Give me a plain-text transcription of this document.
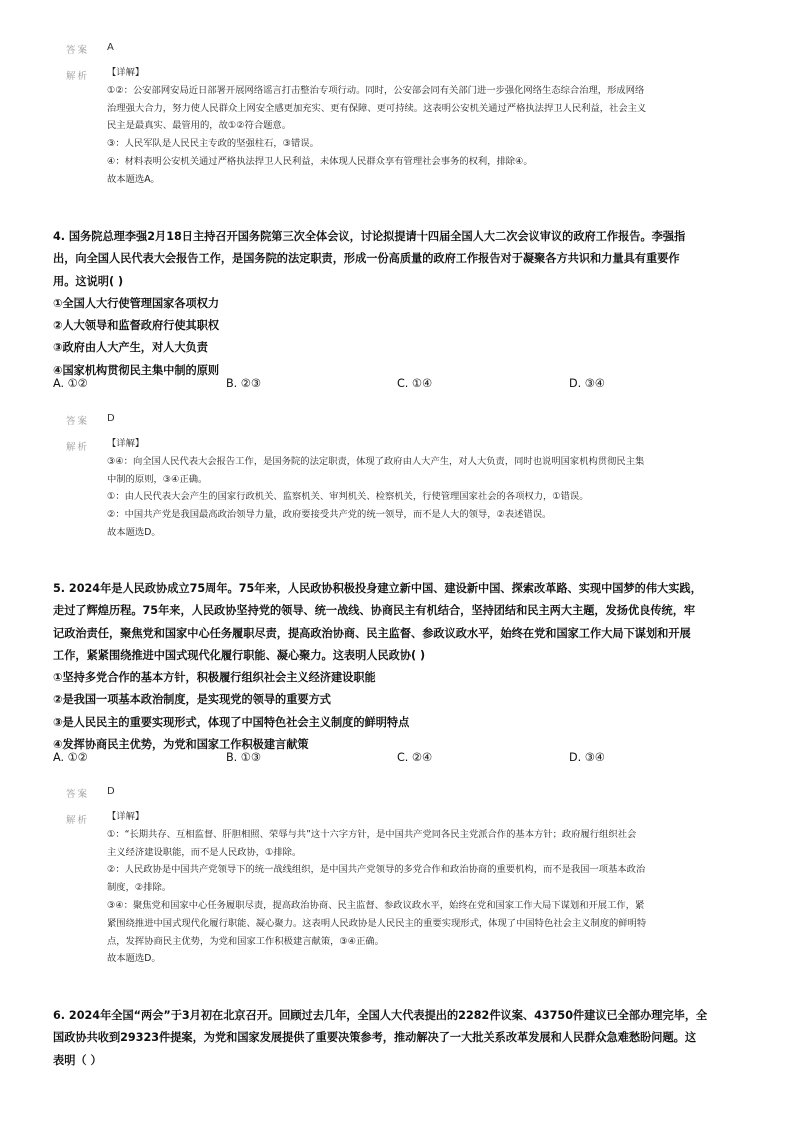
答案 A
解析 【详解】
①②：公安部网安局近日部署开展网络谣言打击整治专项行动。同时，公安部会同有关部门进一步强化网络生态综合治理，形成网络
治理强大合力，努力使人民群众上网安全感更加充实、更有保障、更可持续。这表明公安机关通过严格执法捍卫人民利益，社会主义
民主是最真实、最管用的，故①②符合题意。
③：人民军队是人民民主专政的坚强柱石，③错误。
④：材料表明公安机关通过严格执法捍卫人民利益，未体现人民群众享有管理社会事务的权利，排除④。
故本题选A。
4. 国务院总理李强2月18日主持召开国务院第三次全体会议，讨论拟提请十四届全国人大二次会议审议的政府工作报告。李强指
出，向全国人民代表大会报告工作，是国务院的法定职责，形成一份高质量的政府工作报告对于凝聚各方共识和力量具有重要作
用。这说明( )
①全国人大行使管理国家各项权力
②人大领导和监督政府行使其职权
③政府由人大产生，对人大负责
④国家机构贯彻民主集中制的原则
A. ①②	B. ②③	C. ①④	D. ③④
答案 D
解析 【详解】
③④：向全国人民代表大会报告工作，是国务院的法定职责，体现了政府由人大产生，对人大负责，同时也说明国家机构贯彻民主集
中制的原则，③④正确。
①：由人民代表大会产生的国家行政机关、监察机关、审判机关、检察机关，行使管理国家社会的各项权力，①错误。
②：中国共产党是我国最高政治领导力量，政府要接受共产党的统一领导，而不是人大的领导，②表述错误。
故本题选D。
5. 2024年是人民政协成立75周年。75年来，人民政协积极投身建立新中国、建设新中国、探索改革路、实现中国梦的伟大实践，
走过了辉煌历程。75年来，人民政协坚持党的领导、统一战线、协商民主有机结合，坚持团结和民主两大主题，发扬优良传统，牢
记政治责任，聚焦党和国家中心任务履职尽责，提高政治协商、民主监督、参政议政水平，始终在党和国家工作大局下谋划和开展
工作，紧紧围绕推进中国式现代化履行职能、凝心聚力。这表明人民政协( )
①坚持多党合作的基本方针，积极履行组织社会主义经济建设职能
②是我国一项基本政治制度，是实现党的领导的重要方式
③是人民民主的重要实现形式，体现了中国特色社会主义制度的鲜明特点
④发挥协商民主优势，为党和国家工作积极建言献策
A. ①②	B. ①③	C. ②④	D. ③④
答案 D
解析 【详解】
①：“长期共存、互相监督、肝胆相照、荣辱与共”这十六字方针，是中国共产党同各民主党派合作的基本方针；政府履行组织社会
主义经济建设职能，而不是人民政协，①排除。
②：人民政协是中国共产党领导下的统一战线组织，是中国共产党领导的多党合作和政治协商的重要机构，而不是我国一项基本政治
制度，②排除。
③④：聚焦党和国家中心任务履职尽责，提高政治协商、民主监督、参政议政水平，始终在党和国家工作大局下谋划和开展工作，紧
紧围绕推进中国式现代化履行职能、凝心聚力。这表明人民政协是人民民主的重要实现形式，体现了中国特色社会主义制度的鲜明特
点，发挥协商民主优势，为党和国家工作积极建言献策，③④正确。
故本题选D。
6. 2024年全国“两会”于3月初在北京召开。回顾过去几年，全国人大代表提出的2282件议案、43750件建议已全部办理完毕，全
国政协共收到29323件提案，为党和国家发展提供了重要决策参考，推动解决了一大批关系改革发展和人民群众急难愁盼问题。这
表明（ ）
